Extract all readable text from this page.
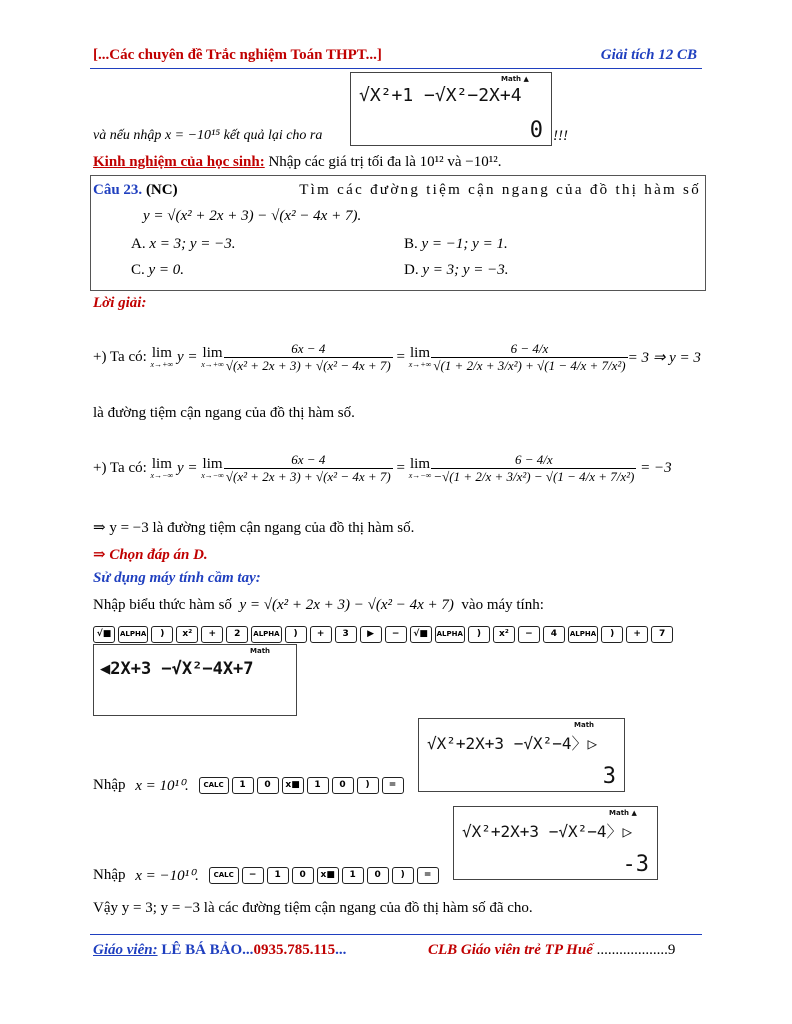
[...Các chuyên đề Trắc nghiệm Toán THPT...]	Giải tích 12 CB
Math ▲
√X²+1 −√X²−2X+4
0
và nếu nhập x = −10¹⁵ kết quả lại cho ra	!!!
Kinh nghiệm của học sinh: Nhập các giá trị tối đa là 10¹² và −10¹².
Câu 23. (NC)	Tìm các đường tiệm cận ngang của đồ thị hàm số
y = √(x² + 2x + 3) − √(x² − 4x + 7).
A. x = 3; y = −3.	B. y = −1; y = 1.
C. y = 0.	D. y = 3; y = −3.
Lời giải:
+) Ta có:
lim
x→+∞ y = lim
$x\to+\infty \frac{6x - 4}{\text{√(x² + 2x + 3) + √(x² − 4x + 7)}} = \lim$
$x\to+\infty \frac{6 - 4/x}{\text{√(1 + 2/x + 3/x²) + √(1 − 4/x + 7/x²)}} = 3$ ⇒ y = 3
là đường tiệm cận ngang của đồ thị hàm số.
+) Ta có:
lim
x→−∞ y = lim
$x\to-\infty \frac{6x - 4}{\text{√(x² + 2x + 3) + √(x² − 4x + 7)}} = \lim$
$x\to-\infty \frac{6 - 4/x}{\text{−√(1 + 2/x + 3/x²) − √(1 − 4/x + 7/x²)}}$
= −3
⇒ y = −3 là đường tiệm cận ngang của đồ thị hàm số.
⇒ Chọn đáp án D.
Sử dụng máy tính cầm tay:
Nhập biểu thức hàm số y = √(x² + 2x + 3) − √(x² − 4x + 7) vào máy tính:
√■	ALPHA	)	x²	+	2	ALPHA	)	+	3	▶	−	√■	ALPHA	)	x²	−	4	ALPHA	)	+	7
Math
◀2X+3 −√X²−4X+7
Math
√X²+2X+3 −√X²−4〉▷
3
Nhập
x = 10¹⁰.
	CALC	1	0	x■	1	0	)	=
Math ▲
√X²+2X+3 −√X²−4〉▷
-3
Nhập
x = −10¹⁰.
	CALC	−	1	0	x■	1	0	)	=
Vậy y = 3; y = −3 là các đường tiệm cận ngang của đồ thị hàm số đã cho.
Giáo viên: LÊ BÁ BẢO...0935.785.115...	CLB Giáo viên trẻ TP Huế ...................9
